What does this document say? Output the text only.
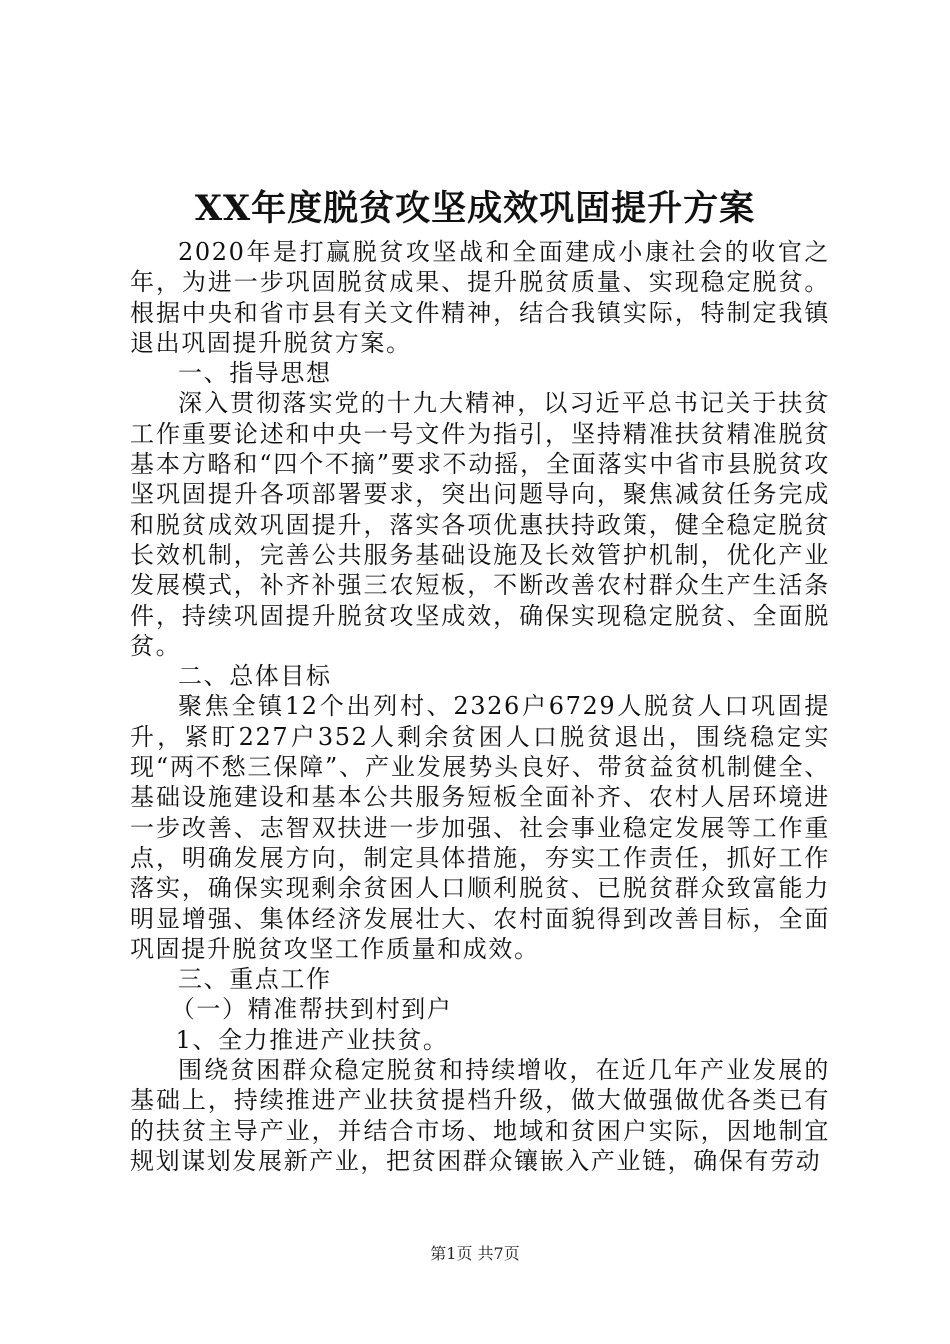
XX年度脱贫攻坚成效巩固提升方案

2020年是打赢脱贫攻坚战和全面建成小康社会的收官之年，为进一步巩固脱贫成果、提升脱贫质量、实现稳定脱贫。根据中央和省市县有关文件精神，结合我镇实际，特制定我镇退出巩固提升脱贫方案。

一、指导思想

深入贯彻落实党的十九大精神，以习近平总书记关于扶贫工作重要论述和中央一号文件为指引，坚持精准扶贫精准脱贫基本方略和“四个不摘”要求不动摇，全面落实中省市县脱贫攻坚巩固提升各项部署要求，突出问题导向，聚焦减贫任务完成和脱贫成效巩固提升，落实各项优惠扶持政策，健全稳定脱贫长效机制，完善公共服务基础设施及长效管护机制，优化产业发展模式，补齐补强三农短板，不断改善农村群众生产生活条件，持续巩固提升脱贫攻坚成效，确保实现稳定脱贫、全面脱贫。

二、总体目标

聚焦全镇12个出列村、2326户6729人脱贫人口巩固提升，紧盯227户352人剩余贫困人口脱贫退出，围绕稳定实现“两不愁三保障”、产业发展势头良好、带贫益贫机制健全、基础设施建设和基本公共服务短板全面补齐、农村人居环境进一步改善、志智双扶进一步加强、社会事业稳定发展等工作重点，明确发展方向，制定具体措施，夯实工作责任，抓好工作落实，确保实现剩余贫困人口顺利脱贫、已脱贫群众致富能力明显增强、集体经济发展壮大、农村面貌得到改善目标，全面巩固提升脱贫攻坚工作质量和成效。

三、重点工作

（一）精准帮扶到村到户

1、全力推进产业扶贫。

围绕贫困群众稳定脱贫和持续增收，在近几年产业发展的基础上，持续推进产业扶贫提档升级，做大做强做优各类已有的扶贫主导产业，并结合市场、地域和贫困户实际，因地制宜规划谋划发展新产业，把贫困群众镶嵌入产业链，确保有劳动

第1页 共7页
